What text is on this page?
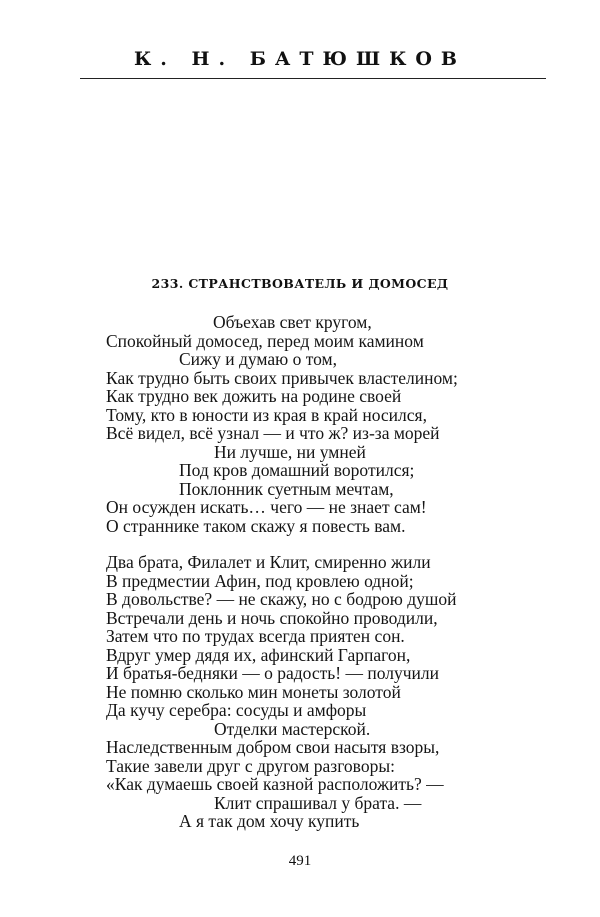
К. Н. БАТЮШКОВ
233. СТРАНСТВОВАТЕЛЬ И ДОМОСЕД
Объехав свет кругом,
Спокойный домосед, перед моим камином
Сижу и думаю о том,
Как трудно быть своих привычек властелином;
Как трудно век дожить на родине своей
Тому, кто в юности из края в край носился,
Всё видел, всё узнал — и что ж? из-за морей
Ни лучше, ни умней
Под кров домашний воротился;
Поклонник суетным мечтам,
Он осужден искать… чего — не знает сам!
О страннике таком скажу я повесть вам.
Два брата, Филалет и Клит, смиренно жили
В предместии Афин, под кровлею одной;
В довольстве? — не скажу, но с бодрою душой
Встречали день и ночь спокойно проводили,
Затем что по трудах всегда приятен сон.
Вдруг умер дядя их, афинский Гарпагон,
И братья-бедняки — о радость! — получили
Не помню сколько мин монеты золотой
Да кучу серебра: сосуды и амфоры
Отделки мастерской.
Наследственным добром свои насытя взоры,
Такие завели друг с другом разговоры:
«Как думаешь своей казной расположить? —
Клит спрашивал у брата. —
А я так дом хочу купить
491
